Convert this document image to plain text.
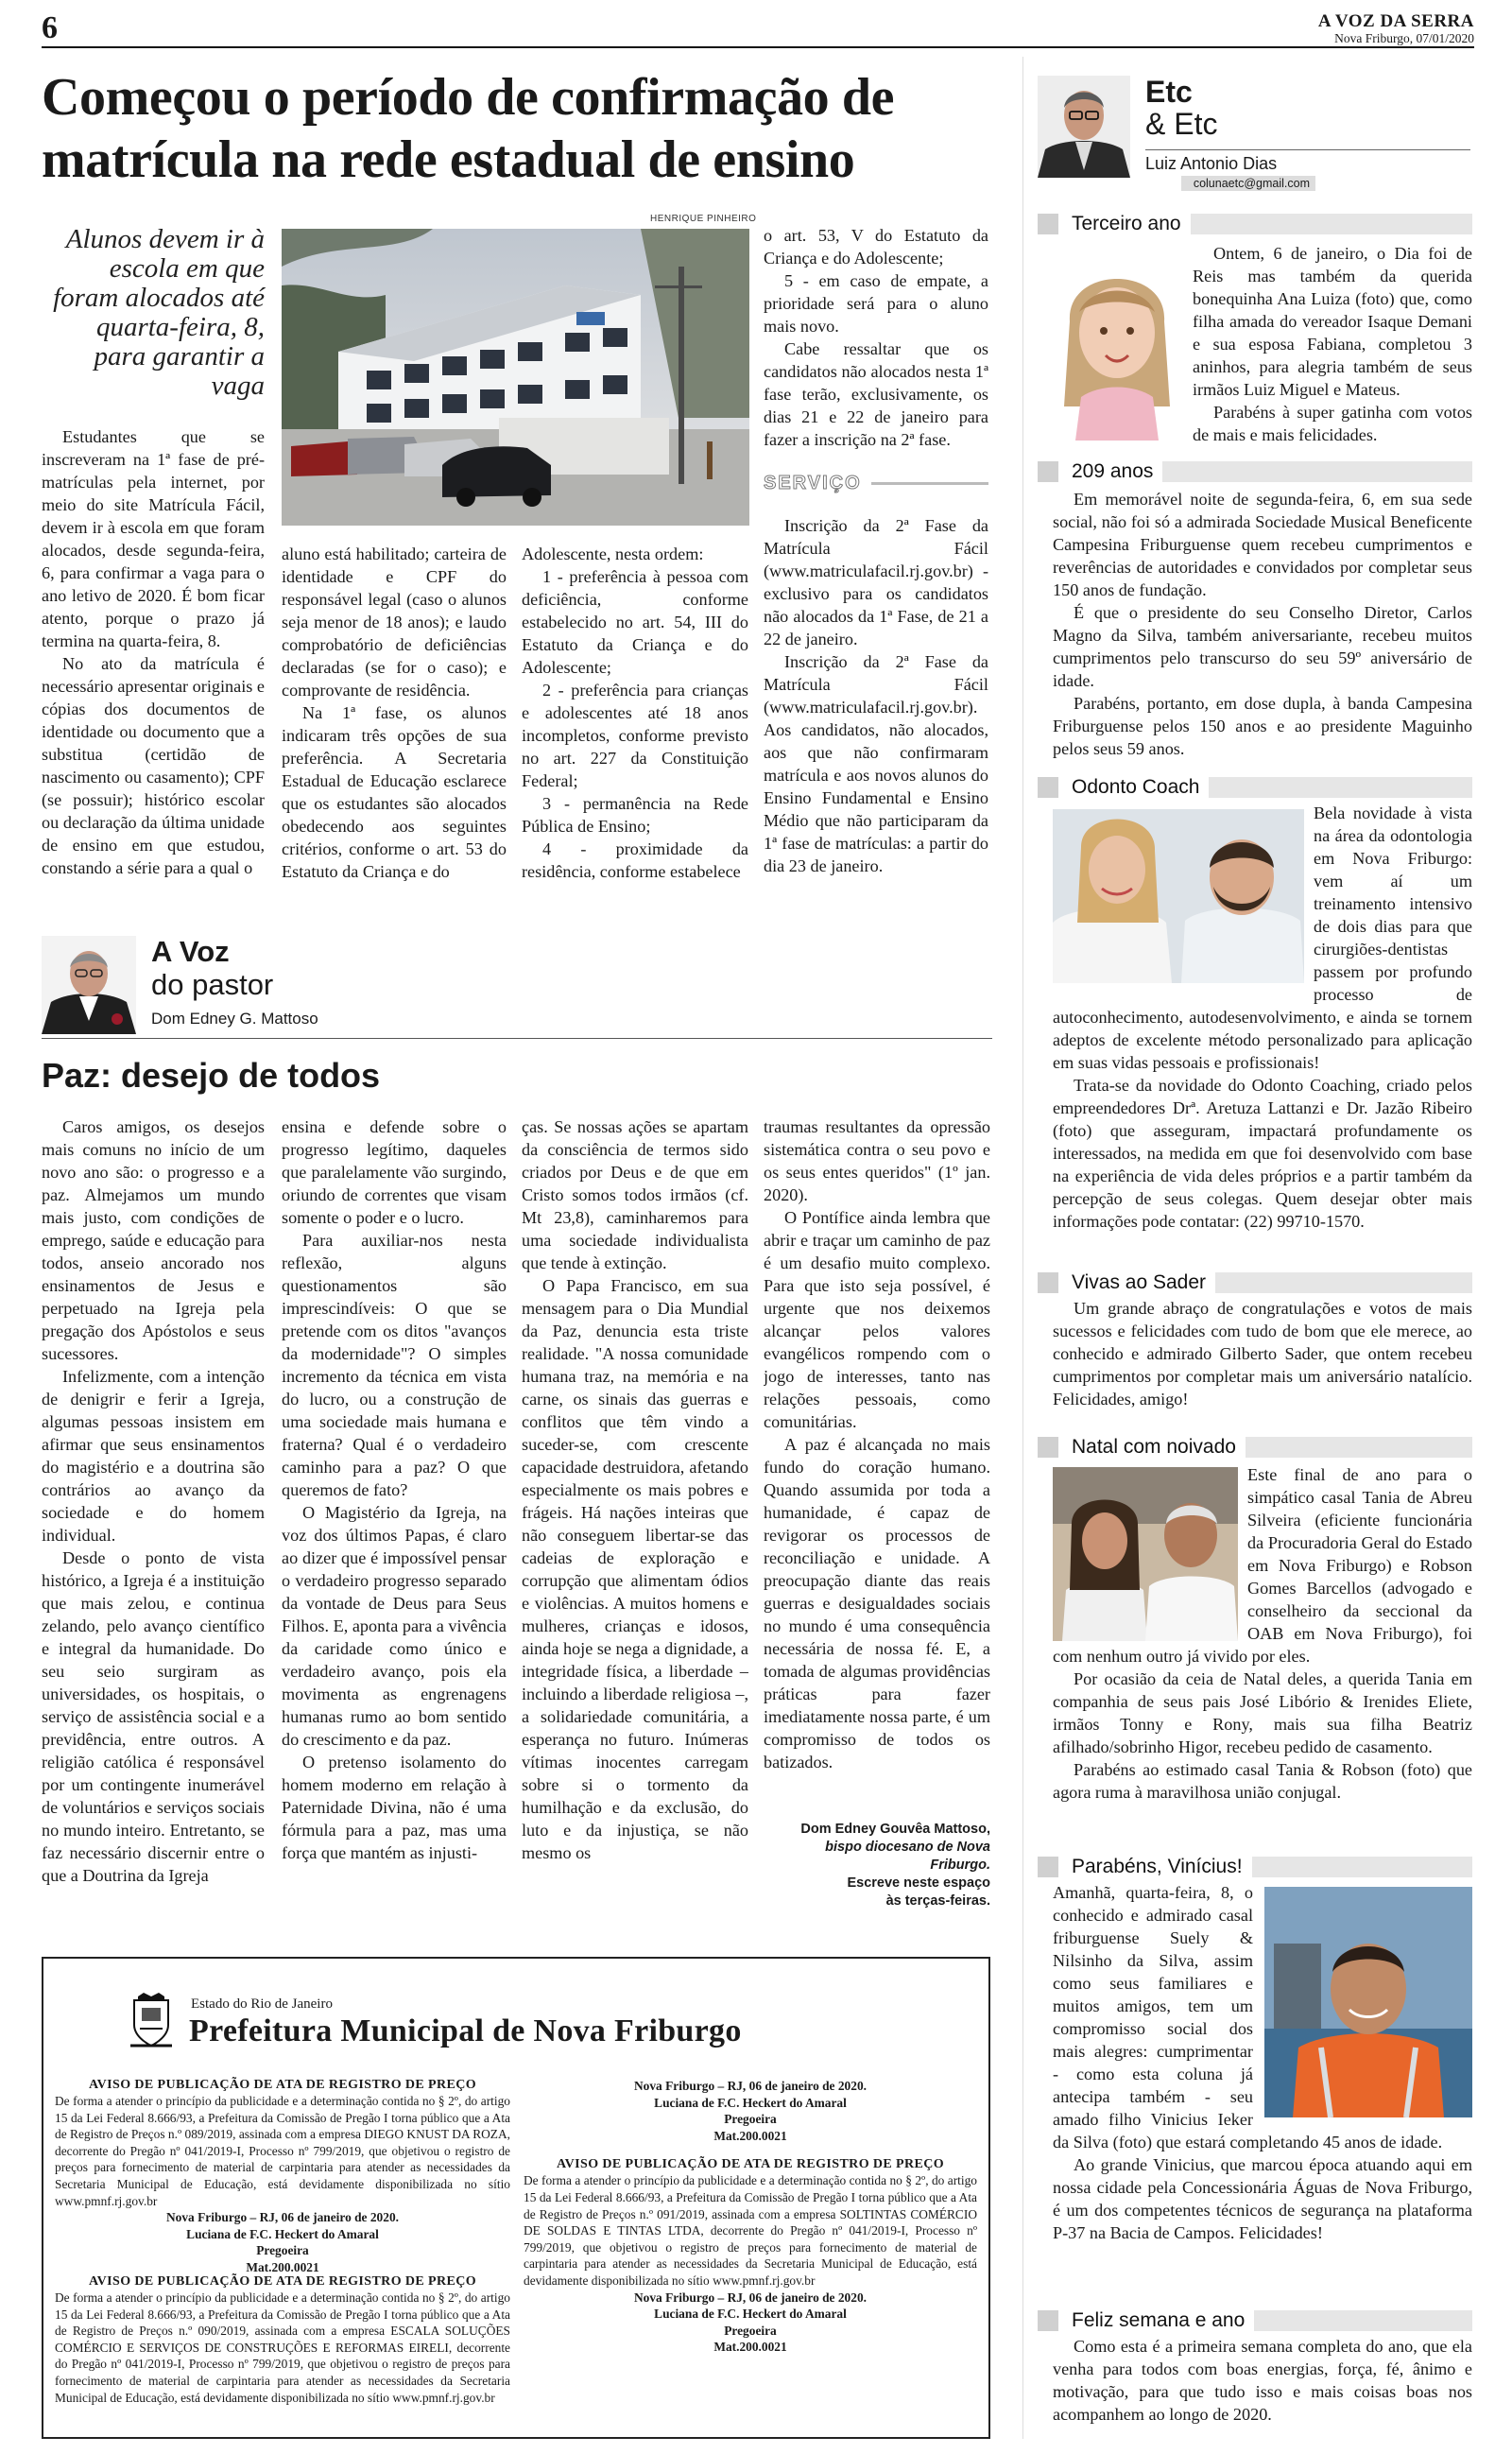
6	A VOZ DA SERRA
Nova Friburgo, 07/01/2020
Começou o período de confirmação de matrícula na rede estadual de ensino
Alunos devem ir à escola em que foram alocados até quarta-feira, 8, para garantir a vaga
HENRIQUE PINHEIRO

Estudantes que se inscreveram na 1ª fase de pré-matrículas pela internet, por meio do site Matrícula Fácil, devem ir à escola em que foram alocados, desde segunda-feira, 6, para confirmar a vaga para o ano letivo de 2020. É bom ficar atento, porque o prazo já termina na quarta-feira, 8.

No ato da matrícula é necessário apresentar originais e cópias dos documentos de identidade ou documento que a substitua (certidão de nascimento ou casamento); CPF (se possuir); histórico escolar ou declaração da última unidade de ensino em que estudou, constando a série para a qual o

aluno está habilitado; carteira de identidade e CPF do responsável legal (caso o alunos seja menor de 18 anos); e laudo comprobatório de deficiências declaradas (se for o caso); e comprovante de residência.

Na 1ª fase, os alunos indicaram três opções de sua preferência. A Secretaria Estadual de Educação esclarece que os estudantes são alocados obedecendo aos seguintes critérios, conforme o art. 53 do Estatuto da Criança e do

Adolescente, nesta ordem:

1 - preferência à pessoa com deficiência, conforme estabelecido no art. 54, III do Estatuto da Criança e do Adolescente;

2 - preferência para crianças e adolescentes até 18 anos incompletos, conforme previsto no art. 227 da Constituição Federal;

3 - permanência na Rede Pública de Ensino;

4 - proximidade da residência, conforme estabelece

o art. 53, V do Estatuto da Criança e do Adolescente;

5 - em caso de empate, a prioridade será para o aluno mais novo.

Cabe ressaltar que os candidatos não alocados nesta 1ª fase terão, exclusivamente, os dias 21 e 22 de janeiro para fazer a inscrição na 2ª fase.

SERVIÇO

Inscrição da 2ª Fase da Matrícula Fácil (www.matriculafacil.rj.gov.br) - exclusivo para os candidatos não alocados da 1ª Fase, de 21 a 22 de janeiro.

Inscrição da 2ª Fase da Matrícula Fácil (www.matriculafacil.rj.gov.br). Aos candidatos, não alocados, aos que não confirmaram matrícula e aos novos alunos do Ensino Fundamental e Ensino Médio que não participaram da 1ª fase de matrículas: a partir do dia 23 de janeiro.

A Voz
do pastor
Dom Edney G. Mattoso
Paz: desejo de todos

Caros amigos, os desejos mais comuns no início de um novo ano são: o progresso e a paz. Almejamos um mundo mais justo, com condições de emprego, saúde e educação para todos, anseio ancorado nos ensinamentos de Jesus e perpetuado na Igreja pela pregação dos Apóstolos e seus sucessores.

Infelizmente, com a intenção de denigrir e ferir a Igreja, algumas pessoas insistem em afirmar que seus ensinamentos do magistério e a doutrina são contrários ao avanço da sociedade e do homem individual.

Desde o ponto de vista histórico, a Igreja é a instituição que mais zelou, e continua zelando, pelo avanço científico e integral da humanidade. Do seu seio surgiram as universidades, os hospitais, o serviço de assistência social e a previdência, entre outros. A religião católica é responsável por um contingente inumerável de voluntários e serviços sociais no mundo inteiro. Entretanto, se faz necessário discernir entre o que a Doutrina da Igreja

ensina e defende sobre o progresso legítimo, daqueles que paralelamente vão surgindo, oriundo de correntes que visam somente o poder e o lucro.

Para auxiliar-nos nesta reflexão, alguns questionamentos são imprescindíveis: O que se pretende com os ditos "avanços da modernidade"? O simples incremento da técnica em vista do lucro, ou a construção de uma sociedade mais humana e fraterna? Qual é o verdadeiro caminho para a paz? O que queremos de fato?

O Magistério da Igreja, na voz dos últimos Papas, é claro ao dizer que é impossível pensar o verdadeiro progresso separado da vontade de Deus para Seus Filhos. E, aponta para a vivência da caridade como único e verdadeiro avanço, pois ela movimenta as engrenagens humanas rumo ao bom sentido do crescimento e da paz.

O pretenso isolamento do homem moderno em relação à Paternidade Divina, não é uma fórmula para a paz, mas uma força que mantém as injusti-

ças. Se nossas ações se apartam da consciência de termos sido criados por Deus e de que em Cristo somos todos irmãos (cf. Mt 23,8), caminharemos para uma sociedade individualista que tende à extinção.

O Papa Francisco, em sua mensagem para o Dia Mundial da Paz, denuncia esta triste realidade. "A nossa comunidade humana traz, na memória e na carne, os sinais das guerras e conflitos que têm vindo a suceder-se, com crescente capacidade destruidora, afetando especialmente os mais pobres e frágeis. Há nações inteiras que não conseguem libertar-se das cadeias de exploração e corrupção que alimentam ódios e violências. A muitos homens e mulheres, crianças e idosos, ainda hoje se nega a dignidade, a integridade física, a liberdade – incluindo a liberdade religiosa –, a solidariedade comunitária, a esperança no futuro. Inúmeras vítimas inocentes carregam sobre si o tormento da humilhação e da exclusão, do luto e da injustiça, se não mesmo os

traumas resultantes da opressão sistemática contra o seu povo e os seus entes queridos" (1º jan. 2020).

O Pontífice ainda lembra que abrir e traçar um caminho de paz é um desafio muito complexo. Para que isto seja possível, é urgente que nos deixemos alcançar pelos valores evangélicos rompendo com o jogo de interesses, tanto nas relações pessoais, como comunitárias.

A paz é alcançada no mais fundo do coração humano. Quando assumida por toda a humanidade, é capaz de revigorar os processos de reconciliação e unidade. A preocupação diante das reais guerras e desigualdades sociais no mundo é uma consequência necessária de nossa fé. E, a tomada de algumas providências práticas para fazer imediatamente nossa parte, é um compromisso de todos os batizados.

Dom Edney Gouvêa Mattoso,
bispo diocesano de Nova Friburgo.
Escreve neste espaço
às terças-feiras.
Estado do Rio de Janeiro
Prefeitura Municipal de Nova Friburgo
AVISO DE PUBLICAÇÃO DE ATA DE REGISTRO DE PREÇO

De forma a atender o princípio da publicidade e a determinação contida no § 2º, do artigo 15 da Lei Federal 8.666/93, a Prefeitura da Comissão de Pregão I torna público que a Ata de Registro de Preços n.º 089/2019, assinada com a empresa DIEGO KNUST DA ROZA, decorrente do Pregão nº 041/2019-I, Processo nº 799/2019, que objetivou o registro de preços para fornecimento de material de carpintaria para atender as necessidades da Secretaria Municipal de Educação, está devidamente disponibilizada no sítio www.pmnf.rj.gov.br

Nova Friburgo – RJ, 06 de janeiro de 2020.
Luciana de F.C. Heckert do Amaral
Pregoeira
Mat.200.0021
AVISO DE PUBLICAÇÃO DE ATA DE REGISTRO DE PREÇO

De forma a atender o princípio da publicidade e a determinação contida no § 2º, do artigo 15 da Lei Federal 8.666/93, a Prefeitura da Comissão de Pregão I torna público que a Ata de Registro de Preços n.º 090/2019, assinada com a empresa ESCALA SOLUÇÕES COMÉRCIO E SERVIÇOS DE CONSTRUÇÕES E REFORMAS EIRELI, decorrente do Pregão nº 041/2019-I, Processo nº 799/2019, que objetivou o registro de preços para fornecimento de material de carpintaria para atender as necessidades da Secretaria Municipal de Educação, está devidamente disponibilizada no sítio www.pmnf.rj.gov.br

Nova Friburgo – RJ, 06 de janeiro de 2020.
Luciana de F.C. Heckert do Amaral
Pregoeira
Mat.200.0021
AVISO DE PUBLICAÇÃO DE ATA DE REGISTRO DE PREÇO

De forma a atender o princípio da publicidade e a determinação contida no § 2º, do artigo 15 da Lei Federal 8.666/93, a Prefeitura da Comissão de Pregão I torna público que a Ata de Registro de Preços n.º 091/2019, assinada com a empresa SOLTINTAS COMÉRCIO DE SOLDAS E TINTAS LTDA, decorrente do Pregão nº 041/2019-I, Processo nº 799/2019, que objetivou o registro de preços para fornecimento de material de carpintaria para atender as necessidades da Secretaria Municipal de Educação, está devidamente disponibilizada no sítio www.pmnf.rj.gov.br

Nova Friburgo – RJ, 06 de janeiro de 2020.
Luciana de F.C. Heckert do Amaral
Pregoeira
Mat.200.0021
Etc
& Etc
Luiz Antonio Dias
colunaetc@gmail.com
Terceiro ano

Ontem, 6 de janeiro, o Dia foi de Reis mas também da querida bonequinha Ana Luiza (foto) que, como filha amada do vereador Isaque Demani e sua esposa Fabiana, completou 3 aninhos, para alegria também de seus irmãos Luiz Miguel e Mateus.

Parabéns à super gatinha com votos de mais e mais felicidades.

209 anos

Em memorável noite de segunda-feira, 6, em sua sede social, não foi só a admirada Sociedade Musical Beneficente Campesina Friburguense quem recebeu cumprimentos e reverências de autoridades e convidados por completar seus 150 anos de fundação.

É que o presidente do seu Conselho Diretor, Carlos Magno da Silva, também aniversariante, recebeu muitos cumprimentos pelo transcurso do seu 59º aniversário de idade.

Parabéns, portanto, em dose dupla, à banda Campesina Friburguense pelos 150 anos e ao presidente Maguinho pelos seus 59 anos.

Odonto Coach

Bela novidade à vista na área da odontologia em Nova Friburgo: vem aí um treinamento intensivo de dois dias para que cirurgiões-dentistas passem por profundo processo de autoconhecimento, autodesenvolvimento, e ainda se tornem adeptos de excelente método personalizado para aplicação em suas vidas pessoais e profissionais!

Trata-se da novidade do Odonto Coaching, criado pelos empreendedores Drª. Aretuza Lattanzi e Dr. Jazão Ribeiro (foto) que asseguram, impactará profundamente os interessados, na medida em que foi desenvolvido com base na experiência de vida deles próprios e a partir também da percepção de seus colegas. Quem desejar obter mais informações pode contatar: (22) 99710-1570.

Vivas ao Sader

Um grande abraço de congratulações e votos de mais sucessos e felicidades com tudo de bom que ele merece, ao conhecido e admirado Gilberto Sader, que ontem recebeu cumprimentos por completar mais um aniversário natalício. Felicidades, amigo!

Natal com noivado

Este final de ano para o simpático casal Tania de Abreu Silveira (eficiente funcionária da Procuradoria Geral do Estado em Nova Friburgo) e Robson Gomes Barcellos (advogado e conselheiro da seccional da OAB em Nova Friburgo), foi com nenhum outro já vivido por eles.

Por ocasião da ceia de Natal deles, a querida Tania em companhia de seus pais José Libório & Irenides Eliete, irmãos Tonny e Rony, mais sua filha Beatriz afilhado/sobrinho Higor, recebeu pedido de casamento.

Parabéns ao estimado casal Tania & Robson (foto) que agora ruma à maravilhosa união conjugal.

Parabéns, Vinícius!

Amanhã, quarta-feira, 8, o conhecido e admirado casal friburguense Suely & Nilsinho da Silva, assim como seus familiares e muitos amigos, tem um compromisso social dos mais alegres: cumprimentar - como esta coluna já antecipa também - seu amado filho Vinicius Ieker da Silva (foto) que estará completando 45 anos de idade.

Ao grande Vinicius, que marcou época atuando aqui em nossa cidade pela Concessionária Águas de Nova Friburgo, é um dos competentes técnicos de segurança na plataforma P-37 na Bacia de Campos. Felicidades!

Feliz semana e ano

Como esta é a primeira semana completa do ano, que ela venha para todos com boas energias, força, fé, ânimo e motivação, para que tudo isso e mais coisas boas nos acompanhem ao longo de 2020.
